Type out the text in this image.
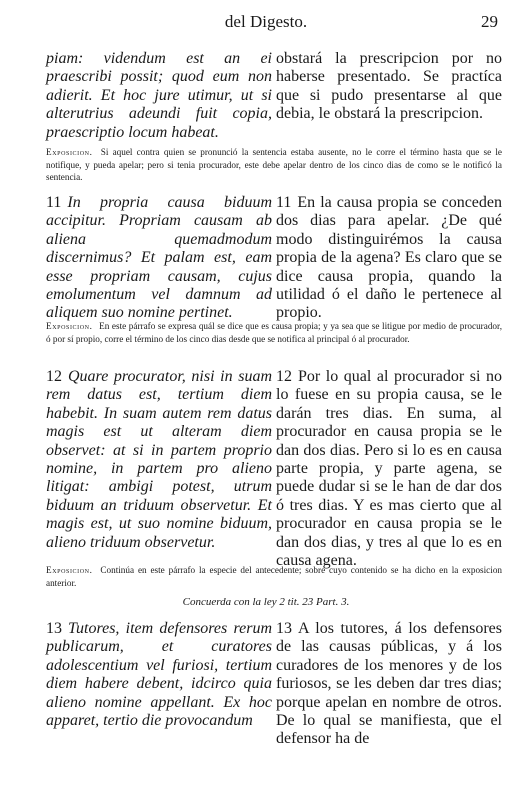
del Digesto.	29
piam: videndum est an ei praescribi possit; quod eum non adierit. Et hoc jure utimur, ut si alterutrius adeundi fuit copia, praescriptio locum habeat.
obstará la prescripcion por no haberse presentado. Se practíca que si pudo presentarse al que debia, le obstará la prescripcion.
Exposicion. Si aquel contra quien se pronunció la sentencia estaba ausente, no le corre el término hasta que se le notifique, y pueda apelar; pero si tenia procurador, este debe apelar dentro de los cinco dias de como se le notificó la sentencia.
11 In propria causa biduum accipitur. Propriam causam ab aliena quemadmodum discernimus? Et palam est, eam esse propriam causam, cujus emolumentum vel damnum ad aliquem suo nomine pertinet.
11 En la causa propia se conceden dos dias para apelar. ¿De qué modo distinguirémos la causa propia de la agena? Es claro que se dice causa propia, quando la utilidad ó el daño le pertenece al propio.
Exposicion. En este párrafo se expresa quál se dice que es causa propia; y ya sea que se litigue por medio de procurador, ó por sí propio, corre el término de los cinco dias desde que se notifica al principal ó al procurador.
12 Quare procurator, nisi in suam rem datus est, tertium diem habebit. In suam autem rem datus magis est ut alteram diem observet: at si in partem proprio nomine, in partem pro alieno litigat: ambigi potest, utrum biduum an triduum observetur. Et magis est, ut suo nomine biduum, alieno triduum observetur.
12 Por lo qual al procurador si no lo fuese en su propia causa, se le darán tres dias. En suma, al procurador en causa propia se le dan dos dias. Pero si lo es en causa parte propia, y parte agena, se puede dudar si se le han de dar dos ó tres dias. Y es mas cierto que al procurador en causa propia se le dan dos dias, y tres al que lo es en causa agena.
Exposicion. Continúa en este párrafo la especie del antecedente; sobre cuyo contenido se ha dicho en la exposicion anterior.
Concuerda con la ley 2 tit. 23 Part. 3.
13 Tutores, item defensores rerum publicarum, et curatores adolescentium vel furiosi, tertium diem habere debent, idcirco quia alieno nomine appellant. Ex hoc apparet, tertio die provocandum
13 A los tutores, á los defensores de las causas públicas, y á los curadores de los menores y de los furiosos, se les deben dar tres dias; porque apelan en nombre de otros. De lo qual se manifiesta, que el defensor ha de
